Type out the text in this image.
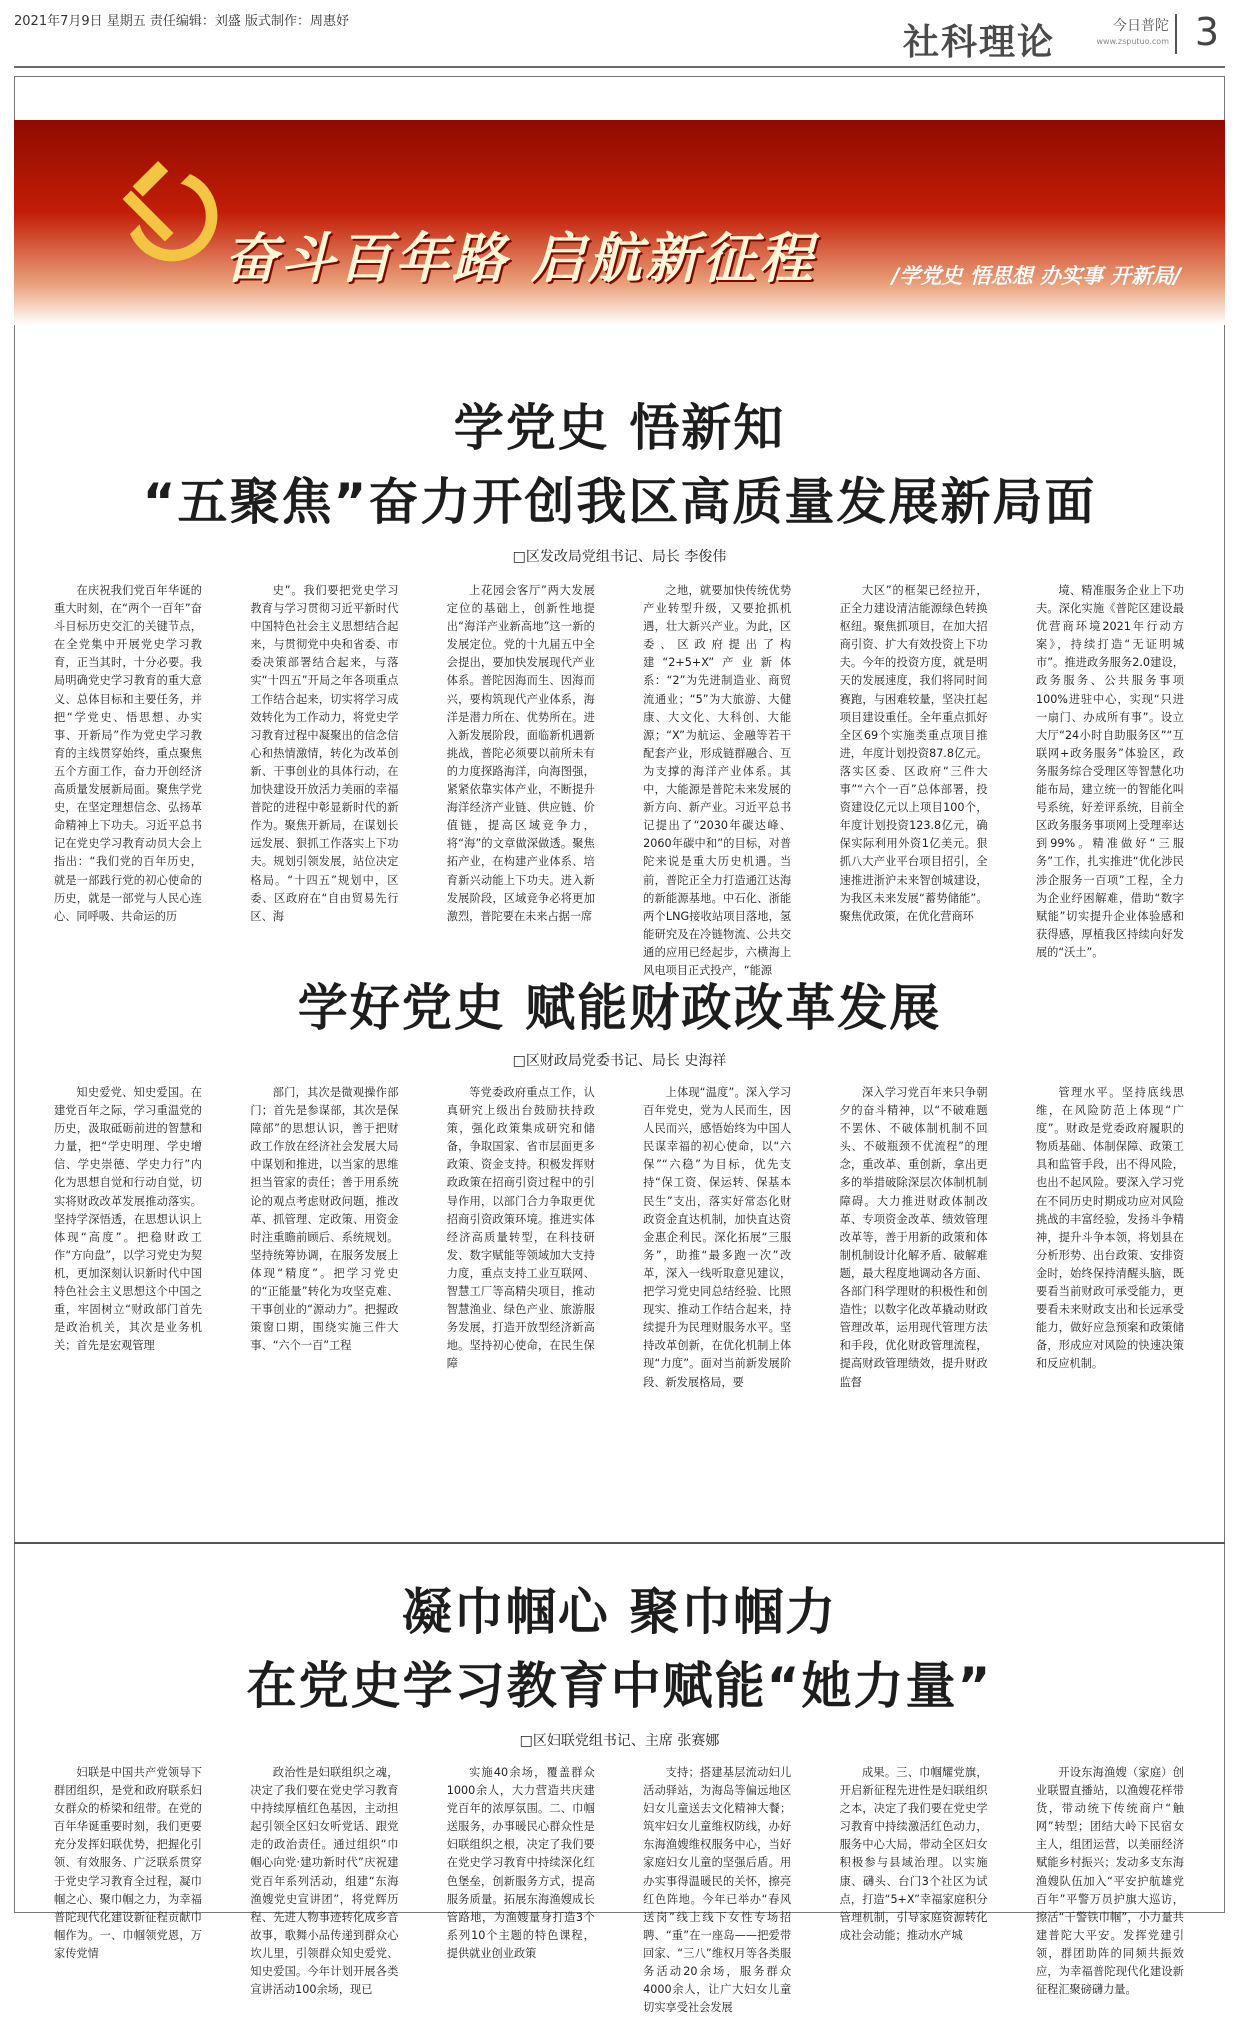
2021年7月9日 星期五 责任编辑：刘盛 版式制作：周惠妤
社科理论	今日普陀
www.zsputuo.com 3
奋斗百年路 启航新征程	/学党史 悟思想 办实事 开新局/
学党史 悟新知
“五聚焦”奋力开创我区高质量发展新局面
□区发改局党组书记、局长 李俊伟
在庆祝我们党百年华诞的重大时刻，在“两个一百年”奋斗目标历史交汇的关键节点，在全党集中开展党史学习教育，正当其时，十分必要。我局明确党史学习教育的重大意义、总体目标和主要任务，并把“学党史、悟思想、办实事、开新局”作为党史学习教育的主线贯穿始终，重点聚焦五个方面工作，奋力开创经济高质量发展新局面。聚焦学党史，在坚定理想信念、弘扬革命精神上下功夫。习近平总书记在党史学习教育动员大会上指出：“我们党的百年历史，就是一部践行党的初心使命的历史，就是一部党与人民心连心、同呼吸、共命运的历
史”。我们要把党史学习教育与学习贯彻习近平新时代中国特色社会主义思想结合起来，与贯彻党中央和省委、市委决策部署结合起来，与落实“十四五”开局之年各项重点工作结合起来，切实将学习成效转化为工作动力，将党史学习教育过程中凝聚出的信念信心和热情激情，转化为改革创新、干事创业的具体行动，在加快建设开放活力美丽的幸福普陀的进程中彰显新时代的新作为。聚焦开新局，在谋划长远发展、狠抓工作落实上下功夫。规划引领发展，站位决定格局。“十四五”规划中，区委、区政府在“自由贸易先行区、海
上花园会客厅”两大发展定位的基础上，创新性地提出“海洋产业新高地”这一新的发展定位。党的十九届五中全会提出，要加快发展现代产业体系。普陀因海而生、因海而兴，要构筑现代产业体系，海洋是潜力所在、优势所在。进入新发展阶段，面临新机遇新挑战，普陀必须要以前所未有的力度探路海洋，向海图强，紧紧依靠实体产业，不断提升海洋经济产业链、供应链、价值链，提高区域竞争力，将“海”的文章做深做透。聚焦拓产业，在构建产业体系、培育新兴动能上下功夫。进入新发展阶段，区域竞争必将更加激烈，普陀要在未来占据一席
之地，就要加快传统优势产业转型升级，又要抢抓机遇，壮大新兴产业。为此，区委、区政府提出了构建“2+5+X”产业新体系：“2”为先进制造业、商贸流通业；“5”为大旅游、大健康、大文化、大科创、大能源；“X”为航运、金融等若干配套产业，形成链群融合、互为支撑的海洋产业体系。其中，大能源是普陀未来发展的新方向、新产业。习近平总书记提出了“2030年碳达峰、2060年碳中和”的目标，对普陀来说是重大历史机遇。当前，普陀正全力打造通江达海的新能源基地。中石化、浙能两个LNG接收站项目落地，氢能研究及在冷链物流、公共交通的应用已经起步，六横海上风电项目正式投产，“能源
大区”的框架已经拉开，正全力建设清洁能源绿色转换枢纽。聚焦抓项目，在加大招商引资、扩大有效投资上下功夫。今年的投资方度，就是明天的发展速度，我们将同时间赛跑，与困难较量，坚决扛起项目建设重任。全年重点抓好全区69个实施类重点项目推进，年度计划投资87.8亿元。落实区委、区政府“三件大事”“六个一百”总体部署，投资建设亿元以上项目100个，年度计划投资123.8亿元，确保实际利用外资1亿美元。狠抓八大产业平台项目招引，全速推进浙沪未来智创城建设，为我区未来发展“蓄势储能”。聚焦优政策，在优化营商环
境、精准服务企业上下功夫。深化实施《普陀区建设最优营商环境2021年行动方案》，持续打造“无证明城市”。推进政务服务2.0建设，政务服务、公共服务事项100%进驻中心，实现“只进一扇门、办成所有事”。设立大厅“24小时自助服务区”“互联网+政务服务”体验区，政务服务综合受理区等智慧化功能布局，建立统一的智能化叫号系统，好差评系统，目前全区政务服务事项网上受理率达到99%。精准做好“三服务”工作，扎实推进“优化涉民涉企服务一百项”工程，全力为企业纾困解难，借助“数字赋能”切实提升企业体验感和获得感，厚植我区持续向好发展的“沃土”。
学好党史 赋能财政改革发展
□区财政局党委书记、局长 史海祥
知史爱党、知史爱国。在建党百年之际，学习重温党的历史，汲取砥砺前进的智慧和力量，把“学史明理、学史增信、学史崇德、学史力行”内化为思想自觉和行动自觉，切实将财政改革发展推动落实。坚持学深悟透，在思想认识上体现“高度”。把稳财政工作“方向盘”，以学习党史为契机，更加深刻认识新时代中国特色社会主义思想这个中国之重，牢固树立“财政部门首先是政治机关，其次是业务机关；首先是宏观管理
部门，其次是微观操作部门；首先是参谋部，其次是保障部”的思想认识，善于把财政工作放在经济社会发展大局中谋划和推进，以当家的思维担当管家的责任；善于用系统论的观点考虑财政问题，推改革、抓管理、定政策、用资金时注重瞻前顾后、系统规划。坚持统筹协调，在服务发展上体现“精度”。把学习党史的“正能量”转化为攻坚克难、干事创业的“源动力”。把握政策窗口期，围绕实施三件大事、“六个一百”工程
等党委政府重点工作，认真研究上级出台鼓励扶持政策，强化政策集成研究和储备，争取国家、省市层面更多政策、资金支持。积极发挥财政政策在招商引资过程中的引导作用，以部门合力争取更优招商引资政策环境。推进实体经济高质量转型，在科技研发、数字赋能等领域加大支持力度，重点支持工业互联网、智慧工厂等高精尖项目，推动智慧渔业、绿色产业、旅游服务发展，打造开放型经济新高地。坚持初心使命，在民生保障
上体现“温度”。深入学习百年党史，党为人民而生，因人民而兴，感悟始终为中国人民谋幸福的初心使命，以“六保”“六稳”为目标，优先支持“保工资、保运转、保基本民生”支出，落实好常态化财政资金直达机制，加快直达资金惠企利民。深化拓展“三服务”，助推“最多跑一次”改革，深入一线听取意见建议，把学习党史同总结经验、比照现实、推动工作结合起来，持续提升为民理财服务水平。坚持改革创新，在优化机制上体现“力度”。面对当前新发展阶段、新发展格局，要
深入学习党百年来只争朝夕的奋斗精神，以“不破难题不罢休、不破体制机制不回头、不破瓶颈不优流程”的理念，重改革、重创新，拿出更多的举措破除深层次体制机制障碍。大力推进财政体制改革、专项资金改革、绩效管理改革等，善于用新的政策和体制机制设计化解矛盾、破解难题，最大程度地调动各方面、各部门科学理财的积极性和创造性；以数字化改革撬动财政管理改革，运用现代管理方法和手段，优化财政管理流程，提高财政管理绩效，提升财政监督
管理水平。坚持底线思维，在风险防范上体现“广度”。财政是党委政府履职的物质基础、体制保障、政策工具和监管手段，出不得风险，也出不起风险。要深入学习党在不同历史时期成功应对风险挑战的丰富经验，发扬斗争精神，提升斗争本领，将划县在分析形势、出台政策、安排资金时，始终保持清醒头脑，既要看当前财政可承受能力，更要看未来财政支出和长远承受能力，做好应急预案和政策储备，形成应对风险的快速决策和反应机制。
凝巾帼心 聚巾帼力
在党史学习教育中赋能“她力量”
□区妇联党组书记、主席 张赛娜
妇联是中国共产党领导下群团组织，是党和政府联系妇女群众的桥梁和纽带。在党的百年华诞重要时刻，我们更要充分发挥妇联优势，把握化引领、有效服务、广泛联系贯穿于党史学习教育全过程，凝巾帼之心、聚巾帼之力，为幸福普陀现代化建设新征程贡献巾帼作为。一、巾帼领党恩，万家传党情
政治性是妇联组织之魂，决定了我们要在党史学习教育中持续厚植红色基因，主动担起引领全区妇女听党话、跟党走的政治责任。通过组织“巾帼心向党·建功新时代”庆祝建党百年系列活动，组建“东海渔嫂党史宣讲团”，将党辉历程、先进人物事迹转化成乡音故事，歌舞小品传递到群众心坎儿里，引领群众知史爱党、知史爱国。今年计划开展各类宣讲活动100余场，现已
实施40余场，覆盖群众1000余人，大力营造共庆建党百年的浓厚氛围。二、巾帼送服务，办事暖民心群众性是妇联组织之根，决定了我们要在党史学习教育中持续深化红色堡垒，创新服务方式，提高服务质量。拓展东海渔嫂成长管路地，为渔嫂量身打造3个系列10个主题的特色课程，提供就业创业政策
支持；搭建基层流动妇儿活动驿站，为海岛等偏远地区妇女儿童送去文化精神大餐；筑牢妇女儿童维权防线，办好东海渔嫂维权服务中心，当好家庭妇女儿童的坚强后盾。用办实事得温暖民的关怀，擦亮红色阵地。今年已举办“春风送岗”线上线下女性专场招聘、“重”在一座岛——把爱带回家、“三八”维权月等各类服务活动20余场，服务群众4000余人，让广大妇女儿童切实享受社会发展
成果。三、巾帼耀党旗，开启新征程先进性是妇联组织之本，决定了我们要在党史学习教育中持续激活红色动力，服务中心大局，带动全区妇女积极参与县域治理。以实施康、礴头、台门3个社区为试点，打造“5+X”幸福家庭积分管理机制，引导家庭资源转化成社会动能；推动水产城
开设东海渔嫂（家庭）创业联盟直播站，以渔嫂花样带货，带动统下传统商户“触网”转型；团结大岭下民宿女主人，组团运营，以美丽经济赋能乡村振兴；发动多支东海渔嫂队伍加入“平安护航雄党百年”平警万员护旗大巡访，擦活“干警铁巾帼”，小力量共建普陀大平安。发挥党建引领，群团助阵的同频共振效应，为幸福普陀现代化建设新征程汇聚磅礴力量。
